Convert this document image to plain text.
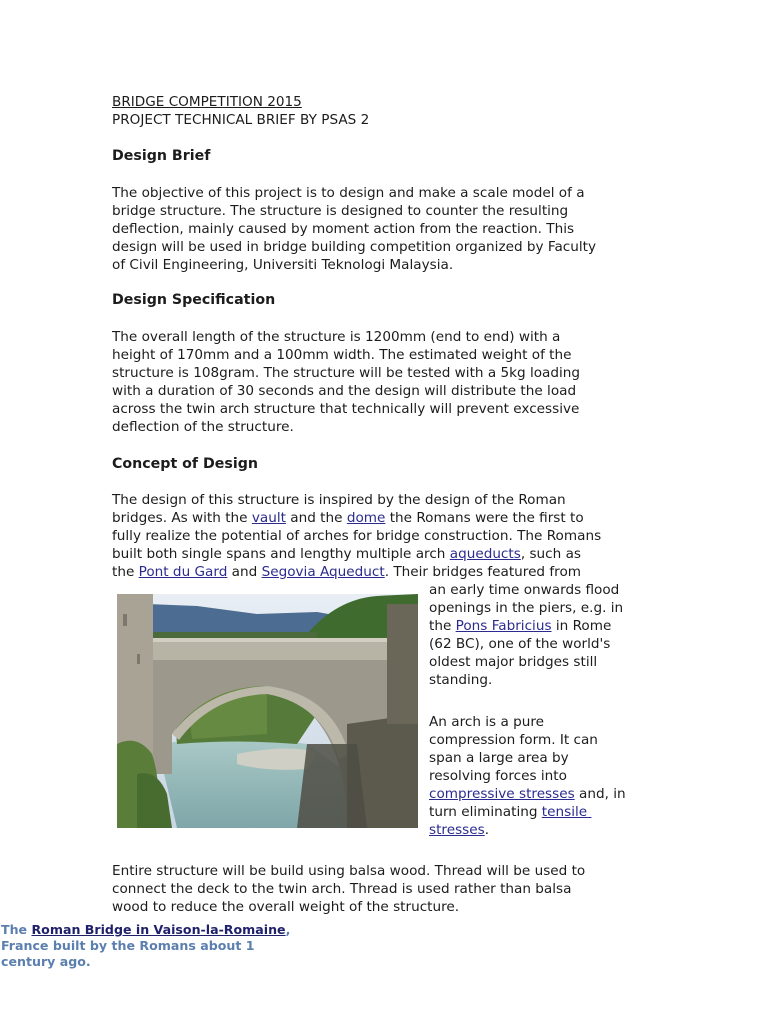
BRIDGE COMPETITION 2015
PROJECT TECHNICAL BRIEF BY PSAS 2
Design Brief
The objective of this project is to design and make a scale model of a
bridge structure. The structure is designed to counter the resulting
deflection, mainly caused by moment action from the reaction. This
design will be used in bridge building competition organized by Faculty
of Civil Engineering, Universiti Teknologi Malaysia.
Design Specification
The overall length of the structure is 1200mm (end to end) with a
height of 170mm and a 100mm width. The estimated weight of the
structure is 108gram. The structure will be tested with a 5kg loading
with a duration of 30 seconds and the design will distribute the load
across the twin arch structure that technically will prevent excessive
deflection of the structure.
Concept of Design
The design of this structure is inspired by the design of the Roman
bridges. As with the vault and the dome the Romans were the first to
fully realize the potential of arches for bridge construction. The Romans
built both single spans and lengthy multiple arch aqueducts, such as
the Pont du Gard and Segovia Aqueduct. Their bridges featured from
an early time onwards flood
openings in the piers, e.g. in
the Pons Fabricius in Rome
(62 BC), one of the world's
oldest major bridges still
standing.
An arch is a pure
compression form. It can
span a large area by
resolving forces into
compressive stresses and, in
turn eliminating tensile
stresses.
Entire structure will be build using balsa wood. Thread will be used to
connect the deck to the twin arch. Thread is used rather than balsa
wood to reduce the overall weight of the structure.
The Roman Bridge in Vaison-la-Romaine,
France built by the Romans about 1
century ago.
